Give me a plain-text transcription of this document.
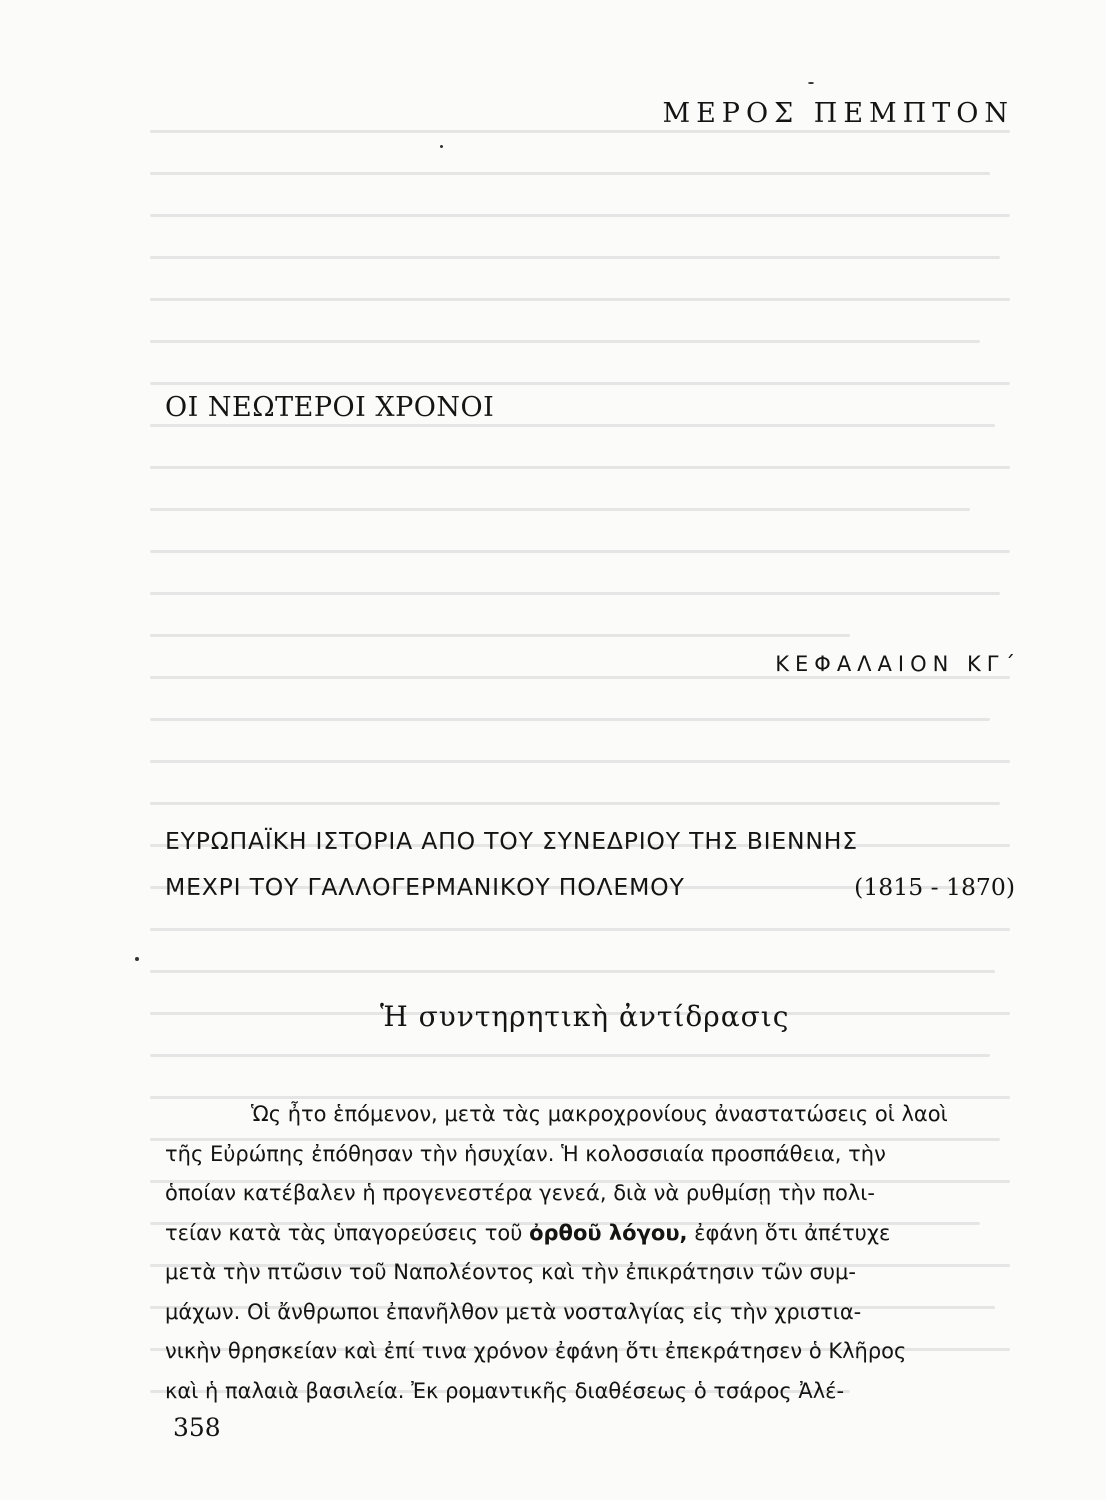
ΜΕΡΟΣ ΠΕΜΠΤΟΝ
ΟΙ ΝΕΩΤΕΡΟΙ ΧΡΟΝΟΙ
ΚΕΦΑΛΑΙΟΝ ΚΓ΄
ΕΥΡΩΠΑΪΚΗ ΙΣΤΟΡΙΑ ΑΠΟ ΤΟΥ ΣΥΝΕΔΡΙΟΥ ΤΗΣ ΒΙΕΝΝΗΣ
ΜΕΧΡΙ ΤΟΥ ΓΑΛΛΟΓΕΡΜΑΝΙΚΟΥ ΠΟΛΕΜΟΥ	(1815 - 1870)
Ἡ συντηρητικὴ ἀντίδρασις
Ὡς ἦτο ἑπόμενον, μετὰ τὰς μακροχρονίους ἀναστατώσεις οἱ λαοὶ
τῆς Εὐρώπης ἐπόθησαν τὴν ἡσυχίαν. Ἡ κολοσσιαία προσπάθεια, τὴν
ὁποίαν κατέβαλεν ἡ προγενεστέρα γενεά, διὰ νὰ ρυθμίσῃ τὴν πολι-
τείαν κατὰ τὰς ὑπαγορεύσεις τοῦ ὀρθοῦ λόγου, ἐφάνη ὅτι ἀπέτυχε
μετὰ τὴν πτῶσιν τοῦ Ναπολέοντος καὶ τὴν ἐπικράτησιν τῶν συμ-
μάχων. Οἱ ἄνθρωποι ἐπανῆλθον μετὰ νοσταλγίας εἰς τὴν χριστια-
νικὴν θρησκείαν καὶ ἐπί τινα χρόνον ἐφάνη ὅτι ἐπεκράτησεν ὁ Κλῆρος
καὶ ἡ παλαιὰ βασιλεία. Ἐκ ρομαντικῆς διαθέσεως ὁ τσάρος Ἀλέ-
358
